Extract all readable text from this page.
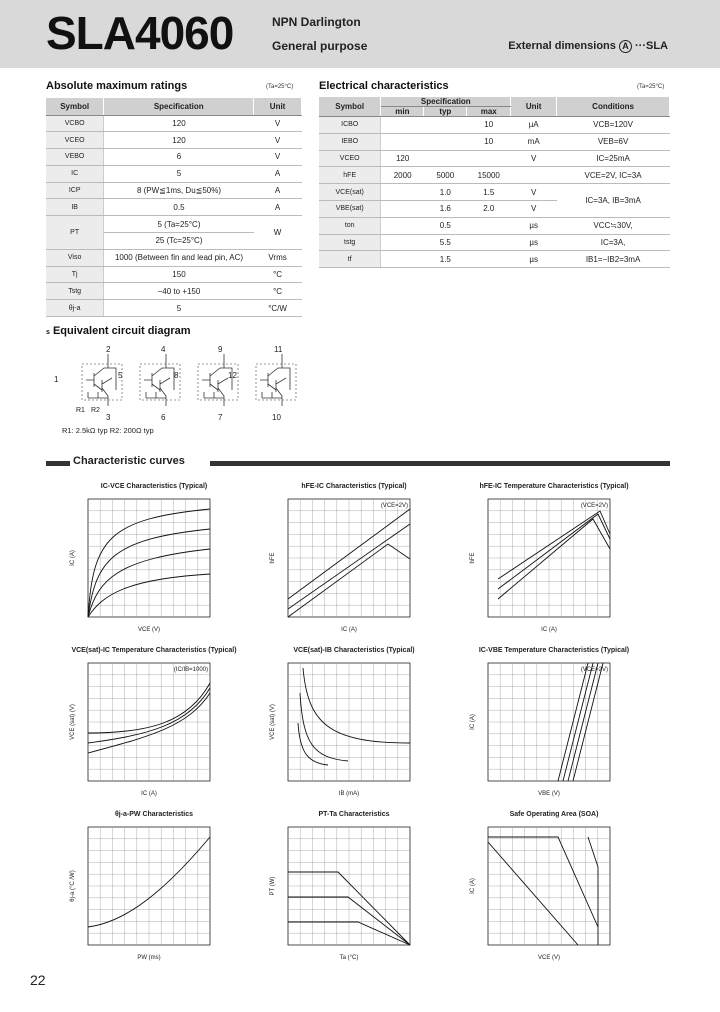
SLA4060	NPN Darlington
General purpose	External dimensions A ···SLA
Absolute maximum ratings	(Ta=25°C)
Symbol	Specification	Unit
VCBO	120	V
VCEO	120	V
VEBO	6	V
IC	5	A
ICP	8 (PW≦1ms, Du≦50%)	A
IB	0.5	A
PT	5 (Ta=25°C)	W
	25 (Tc=25°C)	
Viso	1000 (Between fin and lead pin, AC)	Vrms
Tj	150	°C
Tstg	−40 to +150	°C
θj-a	5	°C/W
Electrical characteristics	(Ta=25°C)
Symbol	Specification			Unit	Conditions
	min	typ	max		
ICBO			10	µA	VCB=120V
IEBO			10	mA	VEB=6V
VCEO	120			V	IC=25mA
hFE	2000	5000	15000		VCE=2V, IC=3A
VCE(sat)		1.0	1.5	V	IC=3A, IB=3mA
VBE(sat)		1.6	2.0	V	
ton		0.5		µs	VCC≒30V,
tstg		5.5		µs	IC=3A,
tf		1.5		µs	IB1=−IB2=3mA
s Equivalent circuit diagram
2	4	9	11
5	8	12
1
3	6	7	10
R1 R2
R1: 2.5kΩ typ R2: 200Ω typ
Characteristic curves
IC-VCE Characteristics (Typical)
VCE (V)
IC (A)
hFE-IC Characteristics (Typical)
IC (A)
hFE
(VCE=2V)
hFE-IC Temperature Characteristics (Typical)
IC (A)
hFE
(VCE=2V)
VCE(sat)-IC Temperature Characteristics (Typical)
IC (A)
VCE (sat) (V)
(IC/IB=1000)
VCE(sat)-IB Characteristics (Typical)
IB (mA)
VCE (sat) (V)
IC-VBE Temperature Characteristics (Typical)
VBE (V)
IC (A)
(VCE=2V)
θj-a-PW Characteristics
PW (ms)
θj-a (°C /W)
PT-Ta Characteristics
Ta (°C)
PT (W)
Safe Operating Area (SOA)
VCE (V)
IC (A)
22
